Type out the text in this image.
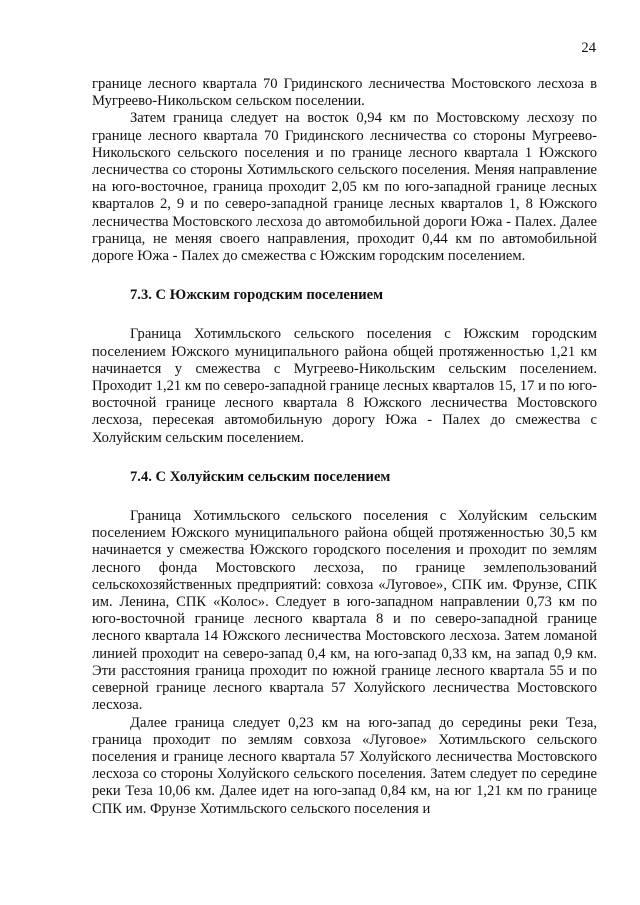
24

границе лесного квартала 70 Гридинского лесничества Мостовского лесхоза в Мугреево-Никольском сельском поселении.

Затем граница следует на восток 0,94 км по Мостовскому лесхозу по границе лесного квартала 70 Гридинского лесничества со стороны Мугреево-Никольского сельского поселения и по границе лесного квартала 1 Южского лесничества со стороны Хотимльского сельского поселения. Меняя направление на юго-восточное, граница проходит 2,05 км по юго-западной границе лесных кварталов 2, 9 и по северо-западной границе лесных кварталов 1, 8 Южского лесничества Мостовского лесхоза до автомобильной дороги Южа - Палех. Далее граница, не меняя своего направления, проходит 0,44 км по автомобильной дороге Южа - Палех до смежества с Южским городским поселением.

7.3. С Южским городским поселением

Граница Хотимльского сельского поселения с Южским городским поселением Южского муниципального района общей протяженностью 1,21 км начинается у смежества с Мугреево-Никольским сельским поселением. Проходит 1,21 км по северо-западной границе лесных кварталов 15, 17 и по юго-восточной границе лесного квартала 8 Южского лесничества Мостовского лесхоза, пересекая автомобильную дорогу Южа - Палех до смежества с Холуйским сельским поселением.

7.4. С Холуйским сельским поселением

Граница Хотимльского сельского поселения с Холуйским сельским поселением Южского муниципального района общей протяженностью 30,5 км начинается у смежества Южского городского поселения и проходит по землям лесного фонда Мостовского лесхоза, по границе землепользований сельскохозяйственных предприятий: совхоза «Луговое», СПК им. Фрунзе, СПК им. Ленина, СПК «Колос». Следует в юго-западном направлении 0,73 км по юго-восточной границе лесного квартала 8 и по северо-западной границе лесного квартала 14 Южского лесничества Мостовского лесхоза. Затем ломаной линией проходит на северо-запад 0,4 км, на юго-запад 0,33 км, на запад 0,9 км. Эти расстояния граница проходит по южной границе лесного квартала 55 и по северной границе лесного квартала 57 Холуйского лесничества Мостовского лесхоза.

Далее граница следует 0,23 км на юго-запад до середины реки Теза, граница проходит по землям совхоза «Луговое» Хотимльского сельского поселения и границе лесного квартала 57 Холуйского лесничества Мостовского лесхоза со стороны Холуйского сельского поселения. Затем следует по середине реки Теза 10,06 км. Далее идет на юго-запад 0,84 км, на юг 1,21 км по границе СПК им. Фрунзе Хотимльского сельского поселения и
